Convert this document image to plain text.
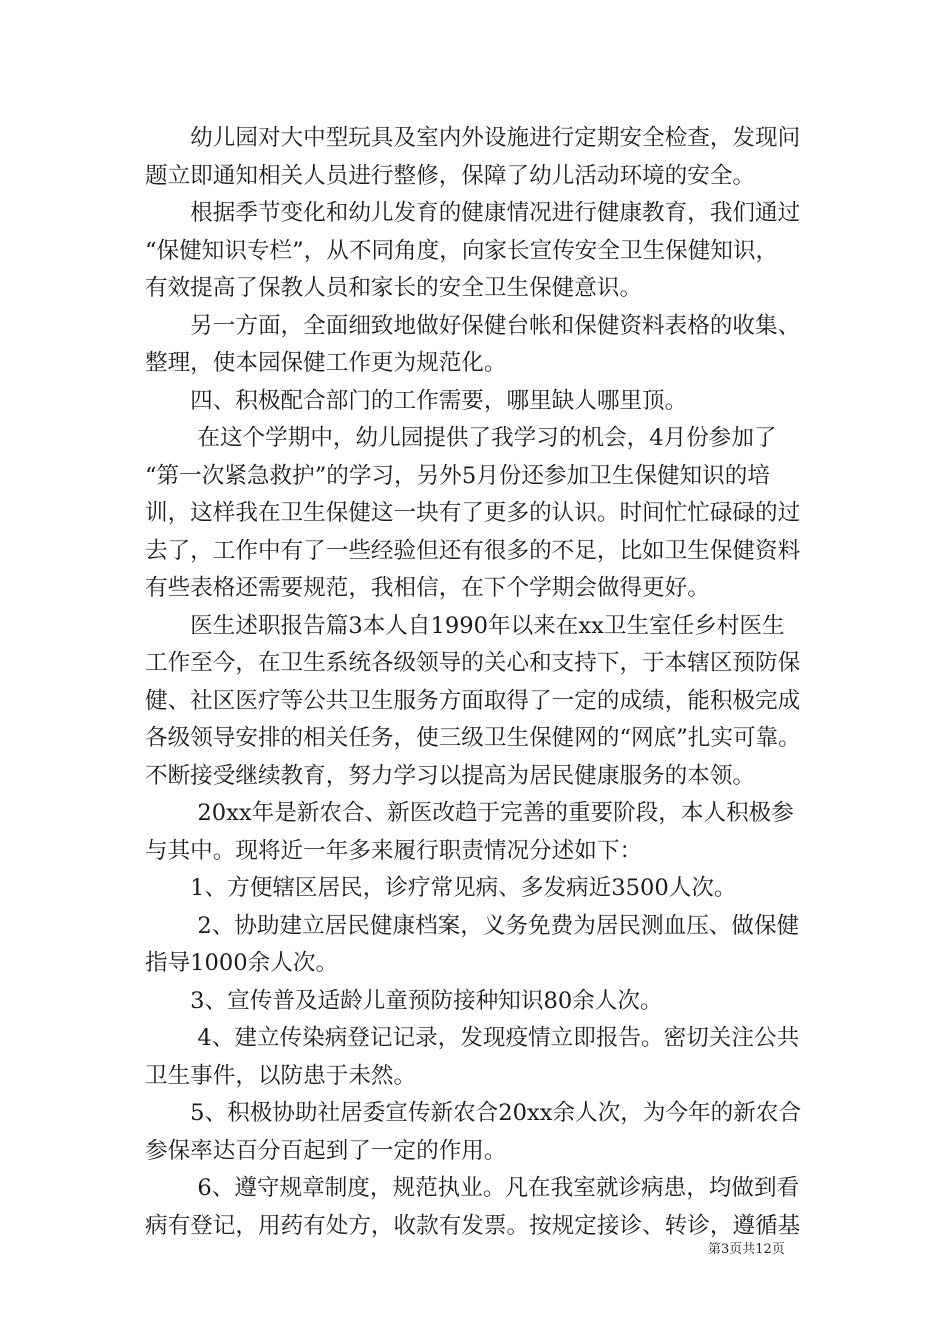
　　幼儿园对大中型玩具及室内外设施进行定期安全检查，发现问
题立即通知相关人员进行整修，保障了幼儿活动环境的安全。
　　根据季节变化和幼儿发育的健康情况进行健康教育，我们通过
“保健知识专栏”，从不同角度，向家长宣传安全卫生保健知识，
有效提高了保教人员和家长的安全卫生保健意识。
　　另一方面，全面细致地做好保健台帐和保健资料表格的收集、
整理，使本园保健工作更为规范化。
　　四、积极配合部门的工作需要，哪里缺人哪里顶。
　　 在这个学期中，幼儿园提供了我学习的机会，4月份参加了
“第一次紧急救护”的学习，另外5月份还参加卫生保健知识的培
训，这样我在卫生保健这一块有了更多的认识。时间忙忙碌碌的过
去了，工作中有了一些经验但还有很多的不足，比如卫生保健资料
有些表格还需要规范，我相信，在下个学期会做得更好。
　　医生述职报告篇3本人自1990年以来在xx卫生室任乡村医生
工作至今，在卫生系统各级领导的关心和支持下，于本辖区预防保
健、社区医疗等公共卫生服务方面取得了一定的成绩，能积极完成
各级领导安排的相关任务，使三级卫生保健网的“网底”扎实可靠。
不断接受继续教育，努力学习以提高为居民健康服务的本领。
　　 20xx年是新农合、新医改趋于完善的重要阶段，本人积极参
与其中。现将近一年多来履行职责情况分述如下：
　　1、方便辖区居民，诊疗常见病、多发病近3500人次。
　　 2、协助建立居民健康档案，义务免费为居民测血压、做保健
指导1000余人次。
　　3、宣传普及适龄儿童预防接种知识80余人次。
　　 4、建立传染病登记记录，发现疫情立即报告。密切关注公共
卫生事件，以防患于未然。
　　5、积极协助社居委宣传新农合20xx余人次，为今年的新农合
参保率达百分百起到了一定的作用。
　　 6、遵守规章制度，规范执业。凡在我室就诊病患，均做到看
病有登记，用药有处方，收款有发票。按规定接诊、转诊，遵循基
第3页共12页
